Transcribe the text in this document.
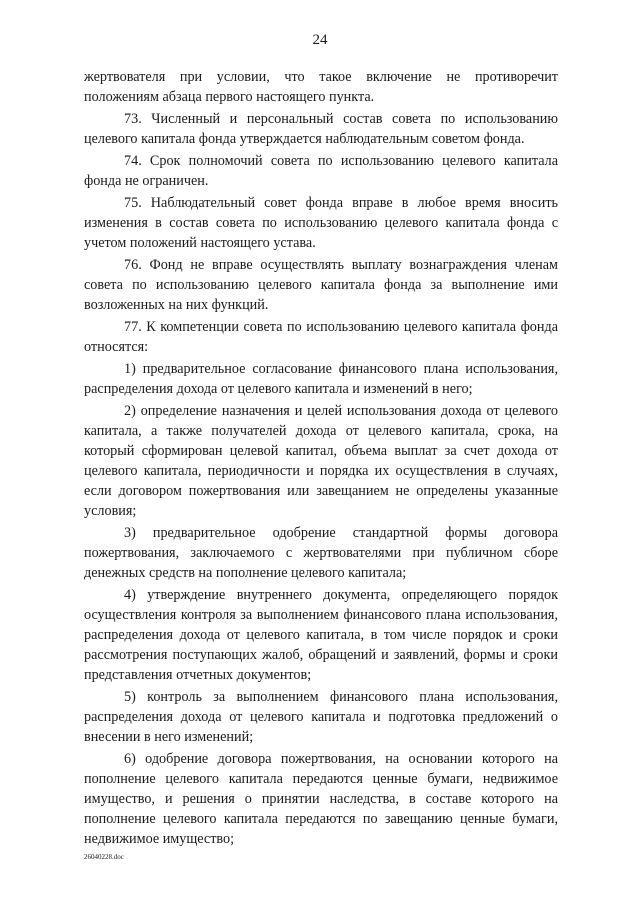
24

жертвователя при условии, что такое включение не противоречит положениям абзаца первого настоящего пункта.

73. Численный и персональный состав совета по использованию целевого капитала фонда утверждается наблюдательным советом фонда.

74. Срок полномочий совета по использованию целевого капитала фонда не ограничен.

75. Наблюдательный совет фонда вправе в любое время вносить изменения в состав совета по использованию целевого капитала фонда с учетом положений настоящего устава.

76. Фонд не вправе осуществлять выплату вознаграждения членам совета по использованию целевого капитала фонда за выполнение ими возложенных на них функций.

77. К компетенции совета по использованию целевого капитала фонда относятся:

1) предварительное согласование финансового плана использования, распределения дохода от целевого капитала и изменений в него;

2) определение назначения и целей использования дохода от целевого капитала, а также получателей дохода от целевого капитала, срока, на который сформирован целевой капитал, объема выплат за счет дохода от целевого капитала, периодичности и порядка их осуществления в случаях, если договором пожертвования или завещанием не определены указанные условия;

3) предварительное одобрение стандартной формы договора пожертвования, заключаемого с жертвователями при публичном сборе денежных средств на пополнение целевого капитала;

4) утверждение внутреннего документа, определяющего порядок осуществления контроля за выполнением финансового плана использования, распределения дохода от целевого капитала, в том числе порядок и сроки рассмотрения поступающих жалоб, обращений и заявлений, формы и сроки представления отчетных документов;

5) контроль за выполнением финансового плана использования, распределения дохода от целевого капитала и подготовка предложений о внесении в него изменений;

6) одобрение договора пожертвования, на основании которого на пополнение целевого капитала передаются ценные бумаги, недвижимое имущество, и решения о принятии наследства, в составе которого на пополнение целевого капитала передаются по завещанию ценные бумаги, недвижимое имущество;

26040228.doc
